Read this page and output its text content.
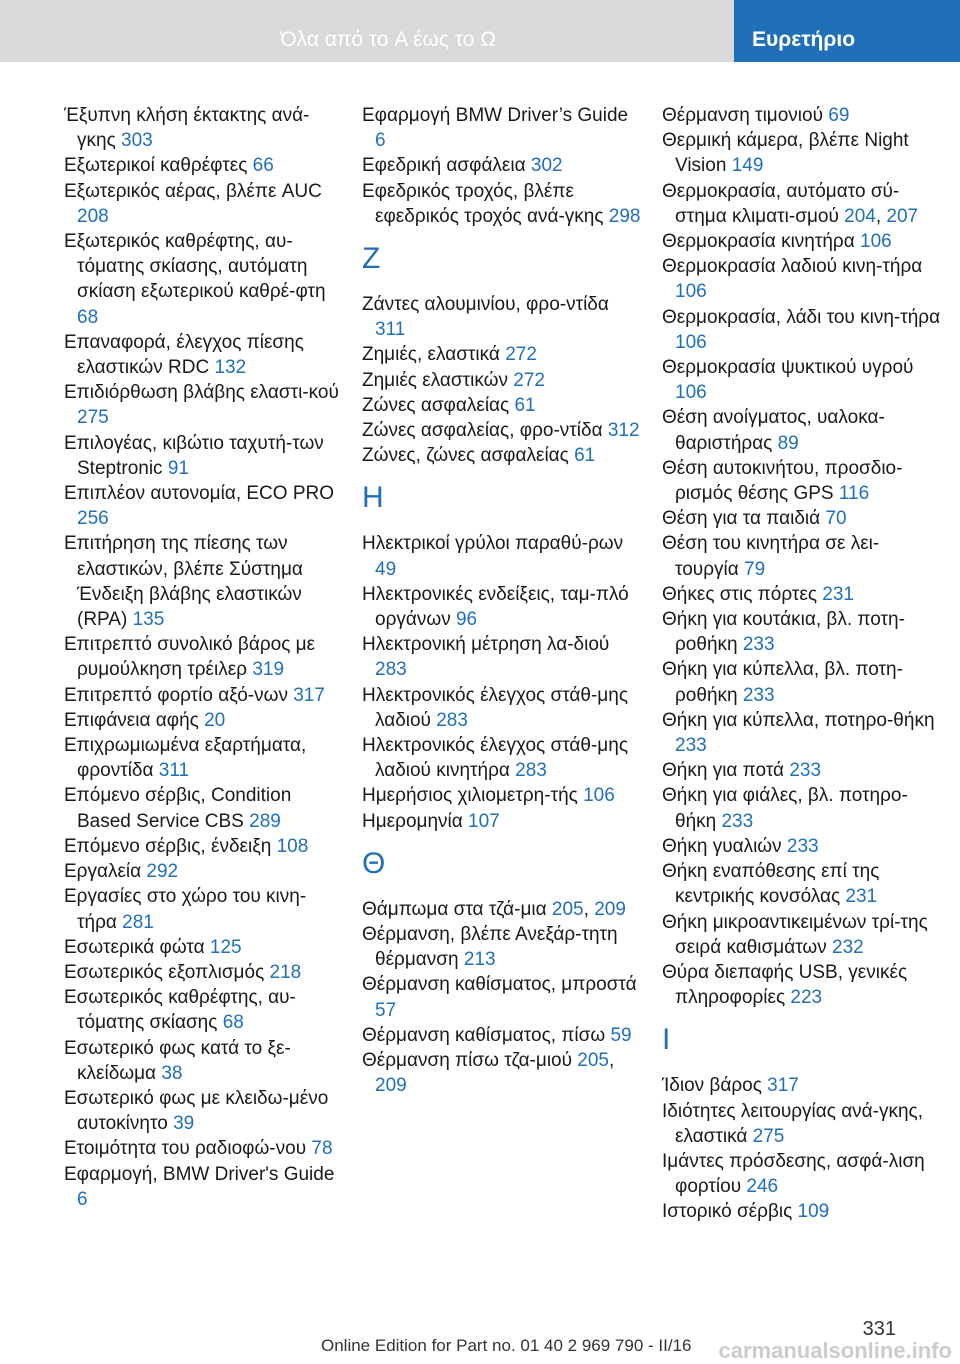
Όλα από το A έως το Ω	Ευρετήριο

Έξυπνη κλήση έκτακτης ανά‐γκης 303

Εξωτερικοί καθρέφτες 66

Εξωτερικός αέρας, βλέπε AUC 208

Εξωτερικός καθρέφτης, αυ‐τόματης σκίασης, αυτόματη σκίαση εξωτερικού καθρέ‐φτη 68

Επαναφορά, έλεγχος πίεσης ελαστικών RDC 132

Επιδιόρθωση βλάβης ελαστι‐κού 275

Επιλογέας, κιβώτιο ταχυτή‐των Steptronic 91

Επιπλέον αυτονομία, ECO PRO 256

Επιτήρηση της πίεσης των ελαστικών, βλέπε Σύστημα Ένδειξη βλάβης ελαστικών (RPA) 135

Επιτρεπτό συνολικό βάρος με ρυμούλκηση τρέιλερ 319

Επιτρεπτό φορτίο αξό‐νων 317

Επιφάνεια αφής 20

Επιχρωμιωμένα εξαρτήματα, φροντίδα 311

Επόμενο σέρβις, Condition Based Service CBS 289

Επόμενο σέρβις, ένδειξη 108

Εργαλεία 292

Εργασίες στο χώρο του κινη‐τήρα 281

Εσωτερικά φώτα 125

Εσωτερικός εξοπλισμός 218

Εσωτερικός καθρέφτης, αυ‐τόματης σκίασης 68

Εσωτερικό φως κατά το ξε‐κλείδωμα 38

Εσωτερικό φως με κλειδω‐μένο αυτοκίνητο 39

Ετοιμότητα του ραδιοφώ‐νου 78

Εφαρμογή, BMW Driver's Guide 6

Εφαρμογή BMW Driver’s Guide 6

Εφεδρική ασφάλεια 302

Εφεδρικός τροχός, βλέπε εφεδρικός τροχός ανά‐γκης 298

Z

Ζάντες αλουμινίου, φρο‐ντίδα 311

Ζημιές, ελαστικά 272

Ζημιές ελαστικών 272

Ζώνες ασφαλείας 61

Ζώνες ασφαλείας, φρο‐ντίδα 312

Ζώνες, ζώνες ασφαλείας 61

H

Ηλεκτρικοί γρύλοι παραθύ‐ρων 49

Ηλεκτρονικές ενδείξεις, ταμ‐πλό οργάνων 96

Ηλεκτρονική μέτρηση λα‐διού 283

Ηλεκτρονικός έλεγχος στάθ‐μης λαδιού 283

Ηλεκτρονικός έλεγχος στάθ‐μης λαδιού κινητήρα 283

Ημερήσιος χιλιομετρη‐τής 106

Ημερομηνία 107

Θ

Θάμπωμα στα τζά‐μια 205, 209

Θέρμανση, βλέπε Ανεξάρ‐τητη θέρμανση 213

Θέρμανση καθίσματος, μπροστά 57

Θέρμανση καθίσματος, πίσω 59

Θέρμανση πίσω τζα‐μιού 205, 209

Θέρμανση τιμονιού 69

Θερμική κάμερα, βλέπε Night Vision 149

Θερμοκρασία, αυτόματο σύ‐στημα κλιματι‐σμού 204, 207

Θερμοκρασία κινητήρα 106

Θερμοκρασία λαδιού κινη‐τήρα 106

Θερμοκρασία, λάδι του κινη‐τήρα 106

Θερμοκρασία ψυκτικού υγρού 106

Θέση ανοίγματος, υαλοκα‐θαριστήρας 89

Θέση αυτοκινήτου, προσδιο‐ρισμός θέσης GPS 116

Θέση για τα παιδιά 70

Θέση του κινητήρα σε λει‐τουργία 79

Θήκες στις πόρτες 231

Θήκη για κουτάκια, βλ. ποτη‐ροθήκη 233

Θήκη για κύπελλα, βλ. ποτη‐ροθήκη 233

Θήκη για κύπελλα, ποτηρο‐θήκη 233

Θήκη για ποτά 233

Θήκη για φιάλες, βλ. ποτηρο‐θήκη 233

Θήκη γυαλιών 233

Θήκη εναπόθεσης επί της κεντρικής κονσόλας 231

Θήκη μικροαντικειμένων τρί‐της σειρά καθισμάτων 232

Θύρα διεπαφής USB, γενικές πληροφορίες 223

I

Ίδιον βάρος 317

Ιδιότητες λειτουργίας ανά‐γκης, ελαστικά 275

Ιμάντες πρόσδεσης, ασφά‐λιση φορτίου 246

Ιστορικό σέρβις 109

331
Online Edition for Part no. 01 40 2 969 790 - II/16 carmanualsonline.info
